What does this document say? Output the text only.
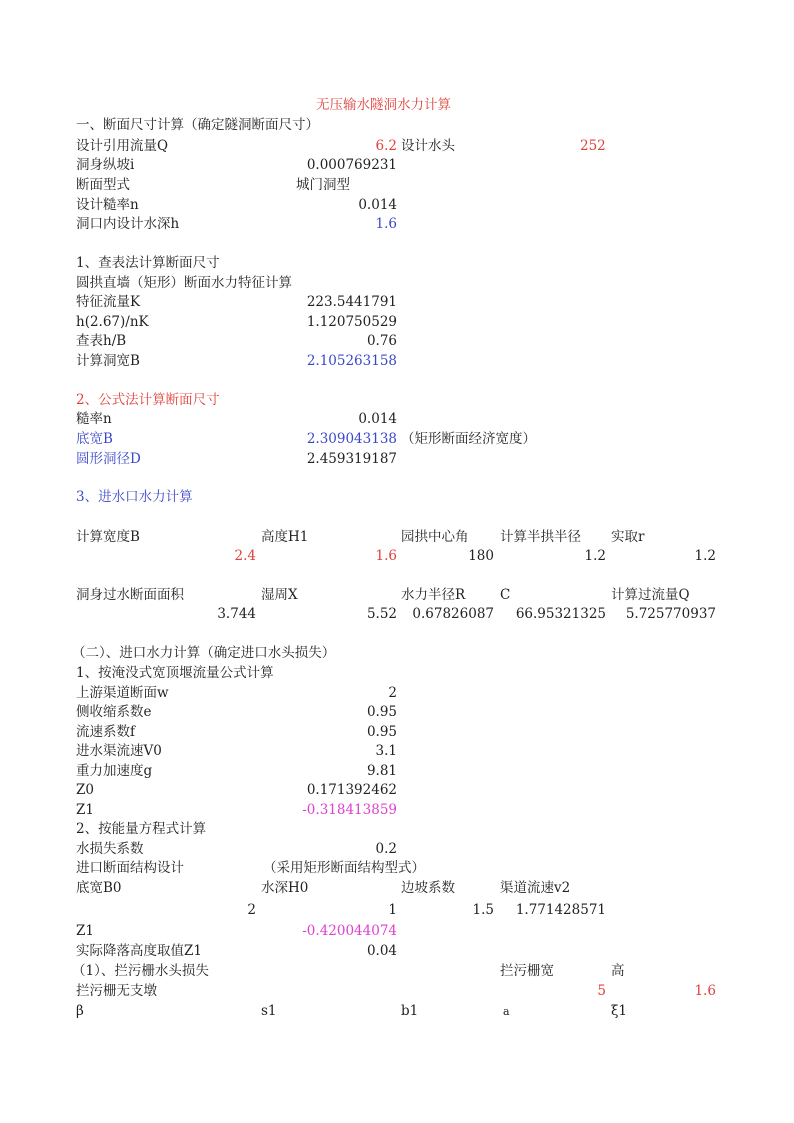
无压输水隧洞水力计算
一、断面尺寸计算（确定隧洞断面尺寸）
设计引用流量Q	6.2 设计水头	252
洞身纵坡i	0.000769231
断面型式	城门洞型
设计糙率n	0.014
洞口内设计水深h	1.6
1、查表法计算断面尺寸
圆拱直墙（矩形）断面水力特征计算
特征流量K	223.5441791
h(2.67)/nK	1.120750529
查表h/B	0.76
计算洞宽B	2.105263158
2、公式法计算断面尺寸
糙率n	0.014
底宽B	2.309043138 （矩形断面经济宽度）
圆形洞径D	2.459319187
3、进水口水力计算
计算宽度B	高度H1	园拱中心角 计算半拱半径 实取r
2.4	1.6	180	1.2	1.2
洞身过水断面面积	湿周X	水力半径R	C	计算过流量Q
3.744	5.52 0.67826087 66.95321325 5.725770937
（二）、进口水力计算（确定进口水头损失）
1、按淹没式宽顶堰流量公式计算
上游渠道断面w	2
侧收缩系数e	0.95
流速系数f	0.95
进水渠流速V0	3.1
重力加速度g	9.81
Z0	0.171392462
Z1	-0.318413859
2、按能量方程式计算
水损失系数	0.2
进口断面结构设计	（采用矩形断面结构型式）
底宽B0	水深H0	边坡系数	渠道流速v2
2	1	1.5 1.771428571
Z1	-0.420044074
实际降落高度取值Z1	0.04
（1）、拦污栅水头损失	拦污栅宽	高
拦污栅无支墩	5	1.6
β	s1	b1	a	ξ1
